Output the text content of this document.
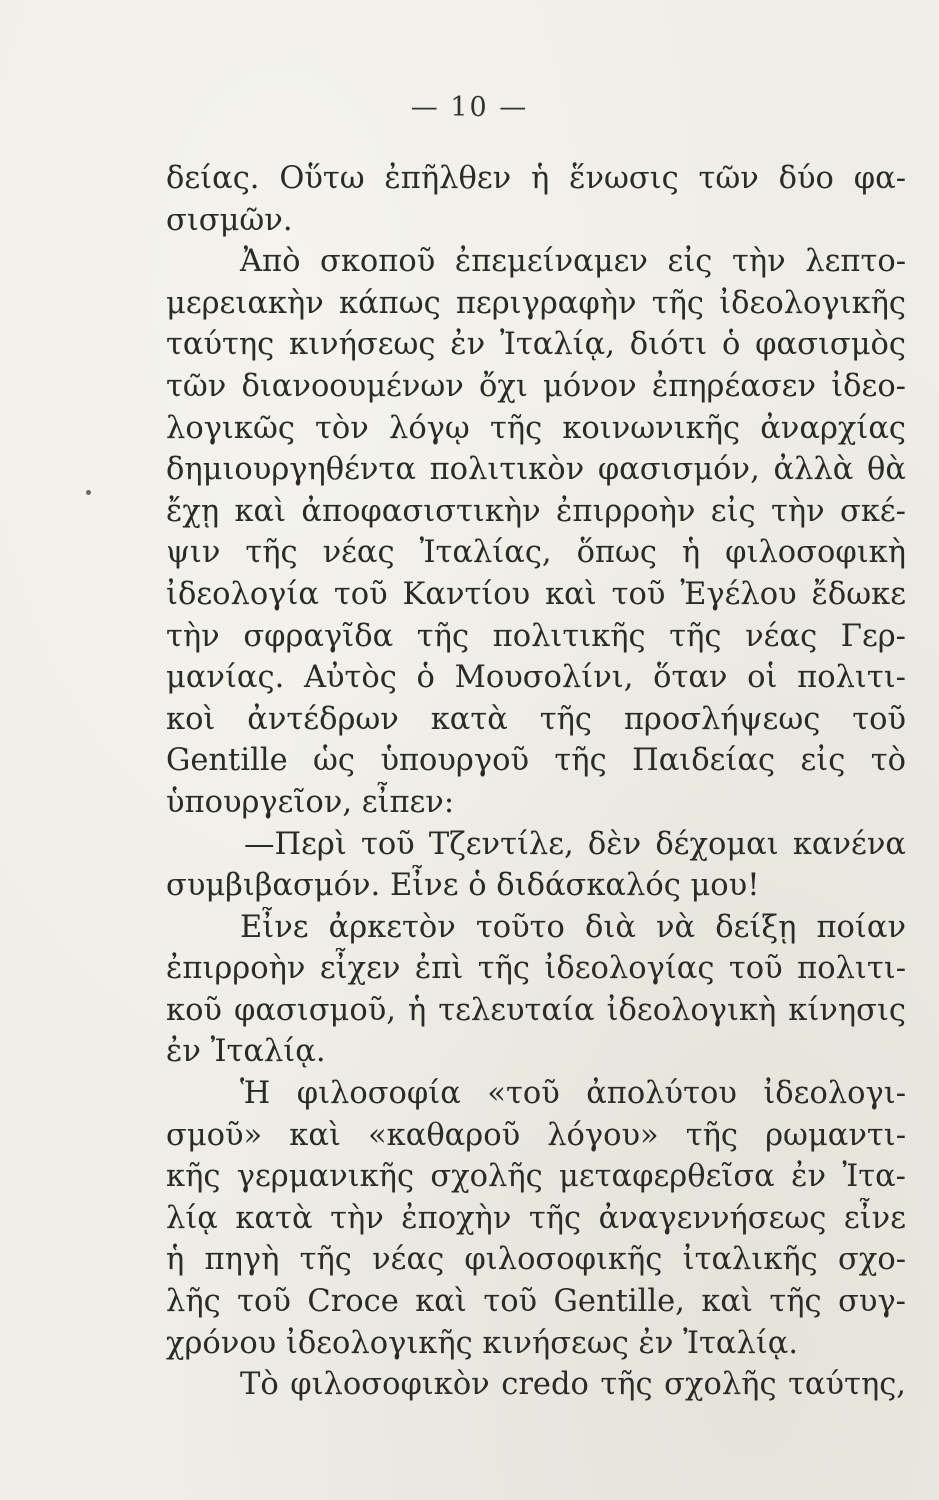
— 10 —
δείας. Οὕτω ἐπῆλθεν ἡ ἕνωσις τῶν δύο φα-
σισμῶν.
Ἀπὸ σκοποῦ ἐπεμείναμεν εἰς τὴν λεπτο-
μερειακὴν κάπως περιγραφὴν τῆς ἰδεολογικῆς
ταύτης κινήσεως ἐν Ἰταλίᾳ, διότι ὁ φασισμὸς
τῶν διανοουμένων ὄχι μόνον ἐπηρέασεν ἰδεο-
λογικῶς τὸν λόγῳ τῆς κοινωνικῆς ἀναρχίας
δημιουργηθέντα πολιτικὸν φασισμόν, ἀλλὰ θὰ
ἔχῃ καὶ ἀποφασιστικὴν ἐπιρροὴν εἰς τὴν σκέ-
ψιν τῆς νέας Ἰταλίας, ὅπως ἡ φιλοσοφικὴ
ἰδεολογία τοῦ Καντίου καὶ τοῦ Ἐγέλου ἔδωκε
τὴν σφραγῖδα τῆς πολιτικῆς τῆς νέας Γερ-
μανίας. Αὐτὸς ὁ Μουσολίνι, ὅταν οἱ πολιτι-
κοὶ ἀντέδρων κατὰ τῆς προσλήψεως τοῦ
Gentille ὡς ὑπουργοῦ τῆς Παιδείας εἰς τὸ
ὑπουργεῖον, εἶπεν:
—Περὶ τοῦ Τζεντίλε, δὲν δέχομαι κανένα
συμβιβασμόν. Εἶνε ὁ διδάσκαλός μου!
Εἶνε ἀρκετὸν τοῦτο διὰ νὰ δείξῃ ποίαν
ἐπιρροὴν εἶχεν ἐπὶ τῆς ἰδεολογίας τοῦ πολιτι-
κοῦ φασισμοῦ, ἡ τελευταία ἰδεολογικὴ κίνησις
ἐν Ἰταλίᾳ.
Ἡ φιλοσοφία «τοῦ ἀπολύτου ἰδεολογι-
σμοῦ» καὶ «καθαροῦ λόγου» τῆς ρωμαντι-
κῆς γερμανικῆς σχολῆς μεταφερθεῖσα ἐν Ἰτα-
λίᾳ κατὰ τὴν ἐποχὴν τῆς ἀναγεννήσεως εἶνε
ἡ πηγὴ τῆς νέας φιλοσοφικῆς ἰταλικῆς σχο-
λῆς τοῦ Croce καὶ τοῦ Gentille, καὶ τῆς συγ-
χρόνου ἰδεολογικῆς κινήσεως ἐν Ἰταλίᾳ.
Τὸ φιλοσοφικὸν credo τῆς σχολῆς ταύτης,
